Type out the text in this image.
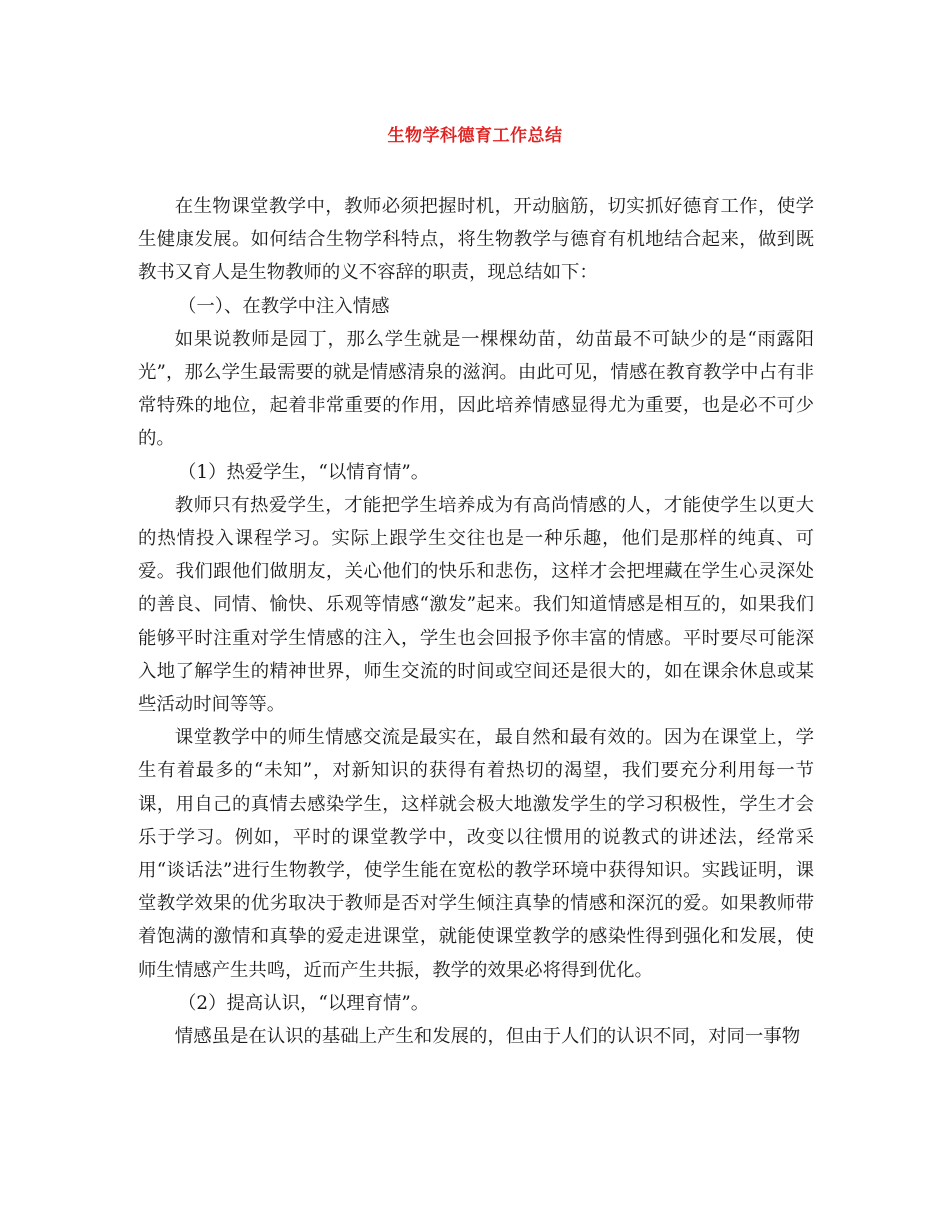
生物学科德育工作总结

在生物课堂教学中，教师必须把握时机，开动脑筋，切实抓好德育工作，使学生健康发展。如何结合生物学科特点，将生物教学与德育有机地结合起来，做到既教书又育人是生物教师的义不容辞的职责，现总结如下：

（一）、在教学中注入情感

如果说教师是园丁，那么学生就是一棵棵幼苗，幼苗最不可缺少的是“雨露阳光”，那么学生最需要的就是情感清泉的滋润。由此可见，情感在教育教学中占有非常特殊的地位，起着非常重要的作用，因此培养情感显得尤为重要，也是必不可少的。

（1）热爱学生，“以情育情”。

教师只有热爱学生，才能把学生培养成为有高尚情感的人，才能使学生以更大的热情投入课程学习。实际上跟学生交往也是一种乐趣，他们是那样的纯真、可爱。我们跟他们做朋友，关心他们的快乐和悲伤，这样才会把埋藏在学生心灵深处的善良、同情、愉快、乐观等情感“激发”起来。我们知道情感是相互的，如果我们能够平时注重对学生情感的注入，学生也会回报予你丰富的情感。平时要尽可能深入地了解学生的精神世界，师生交流的时间或空间还是很大的，如在课余休息或某些活动时间等等。

课堂教学中的师生情感交流是最实在，最自然和最有效的。因为在课堂上，学生有着最多的“未知”，对新知识的获得有着热切的渴望，我们要充分利用每一节课，用自己的真情去感染学生，这样就会极大地激发学生的学习积极性，学生才会乐于学习。例如，平时的课堂教学中，改变以往惯用的说教式的讲述法，经常采用“谈话法”进行生物教学，使学生能在宽松的教学环境中获得知识。实践证明，课堂教学效果的优劣取决于教师是否对学生倾注真挚的情感和深沉的爱。如果教师带着饱满的激情和真挚的爱走进课堂，就能使课堂教学的感染性得到强化和发展，使师生情感产生共鸣，近而产生共振，教学的效果必将得到优化。

（2）提高认识，“以理育情”。

情感虽是在认识的基础上产生和发展的，但由于人们的认识不同，对同一事物
